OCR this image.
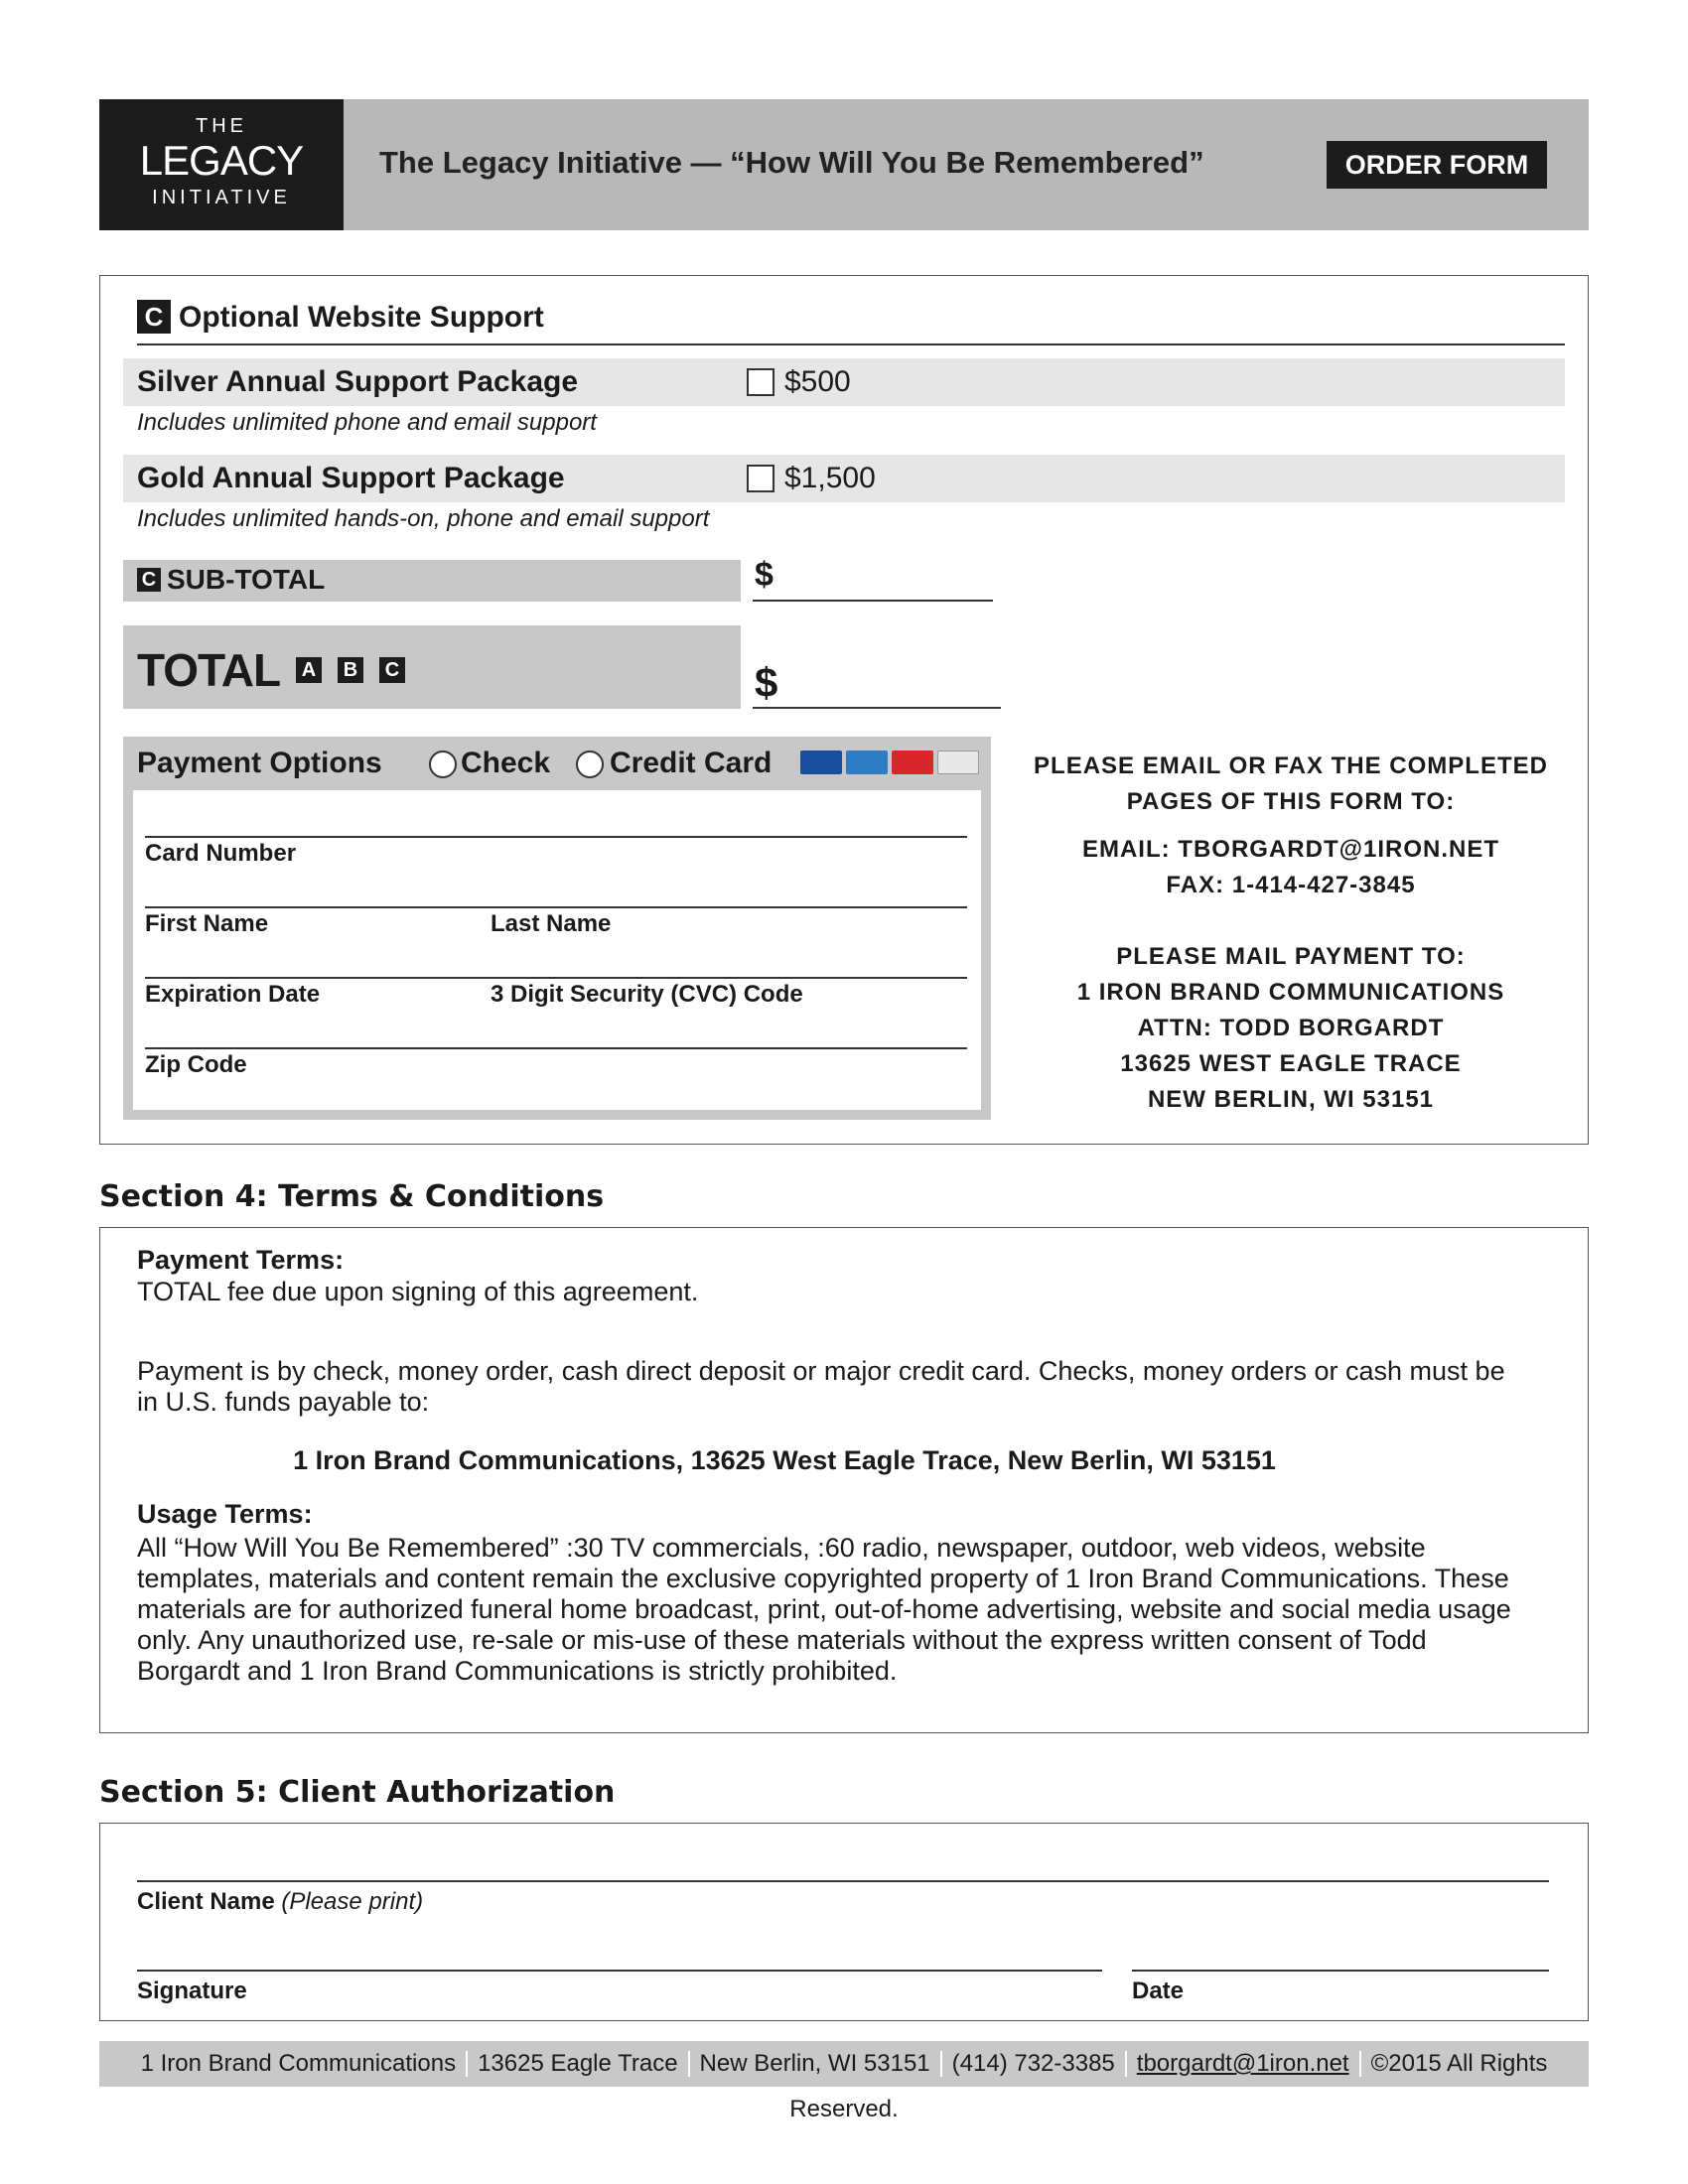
THE
LEGACY
INITIATIVE
The Legacy Initiative — “How Will You Be Remembered”	ORDER FORM
C Optional Website Support
Silver Annual Support Package	$500
Includes unlimited phone and email support
Gold Annual Support Package	$1,500
Includes unlimited hands-on, phone and email support
C SUB-TOTAL	$
TOTAL A B C	$
Payment Options	Check Credit Card
Card Number
First Name	Last Name
Expiration Date	3 Digit Security (CVC) Code
Zip Code
PLEASE EMAIL OR FAX THE COMPLETED
PAGES OF THIS FORM TO:
EMAIL: TBORGARDT@1IRON.NET
FAX: 1-414-427-3845
PLEASE MAIL PAYMENT TO:
1 IRON BRAND COMMUNICATIONS
ATTN: TODD BORGARDT
13625 WEST EAGLE TRACE
NEW BERLIN, WI 53151
Section 4: Terms & Conditions
Payment Terms:
TOTAL fee due upon signing of this agreement.
Payment is by check, money order, cash direct deposit or major credit card. Checks, money orders or cash must be in U.S. funds payable to:
1 Iron Brand Communications, 13625 West Eagle Trace, New Berlin, WI 53151
Usage Terms:
All “How Will You Be Remembered” :30 TV commercials, :60 radio, newspaper, outdoor, web videos, website templates, materials and content remain the exclusive copyrighted property of 1 Iron Brand Communications. These materials are for authorized funeral home broadcast, print, out-of-home advertising, website and social media usage only. Any unauthorized use, re-sale or mis-use of these materials without the express written consent of Todd Borgardt and 1 Iron Brand Communications is strictly prohibited.
Section 5: Client Authorization
Client Name (Please print)
Signature	Date
1 Iron Brand Communications 13625 Eagle Trace New Berlin, WI 53151 (414) 732-3385 tborgardt@1iron.net ©2015 All Rights Reserved.
